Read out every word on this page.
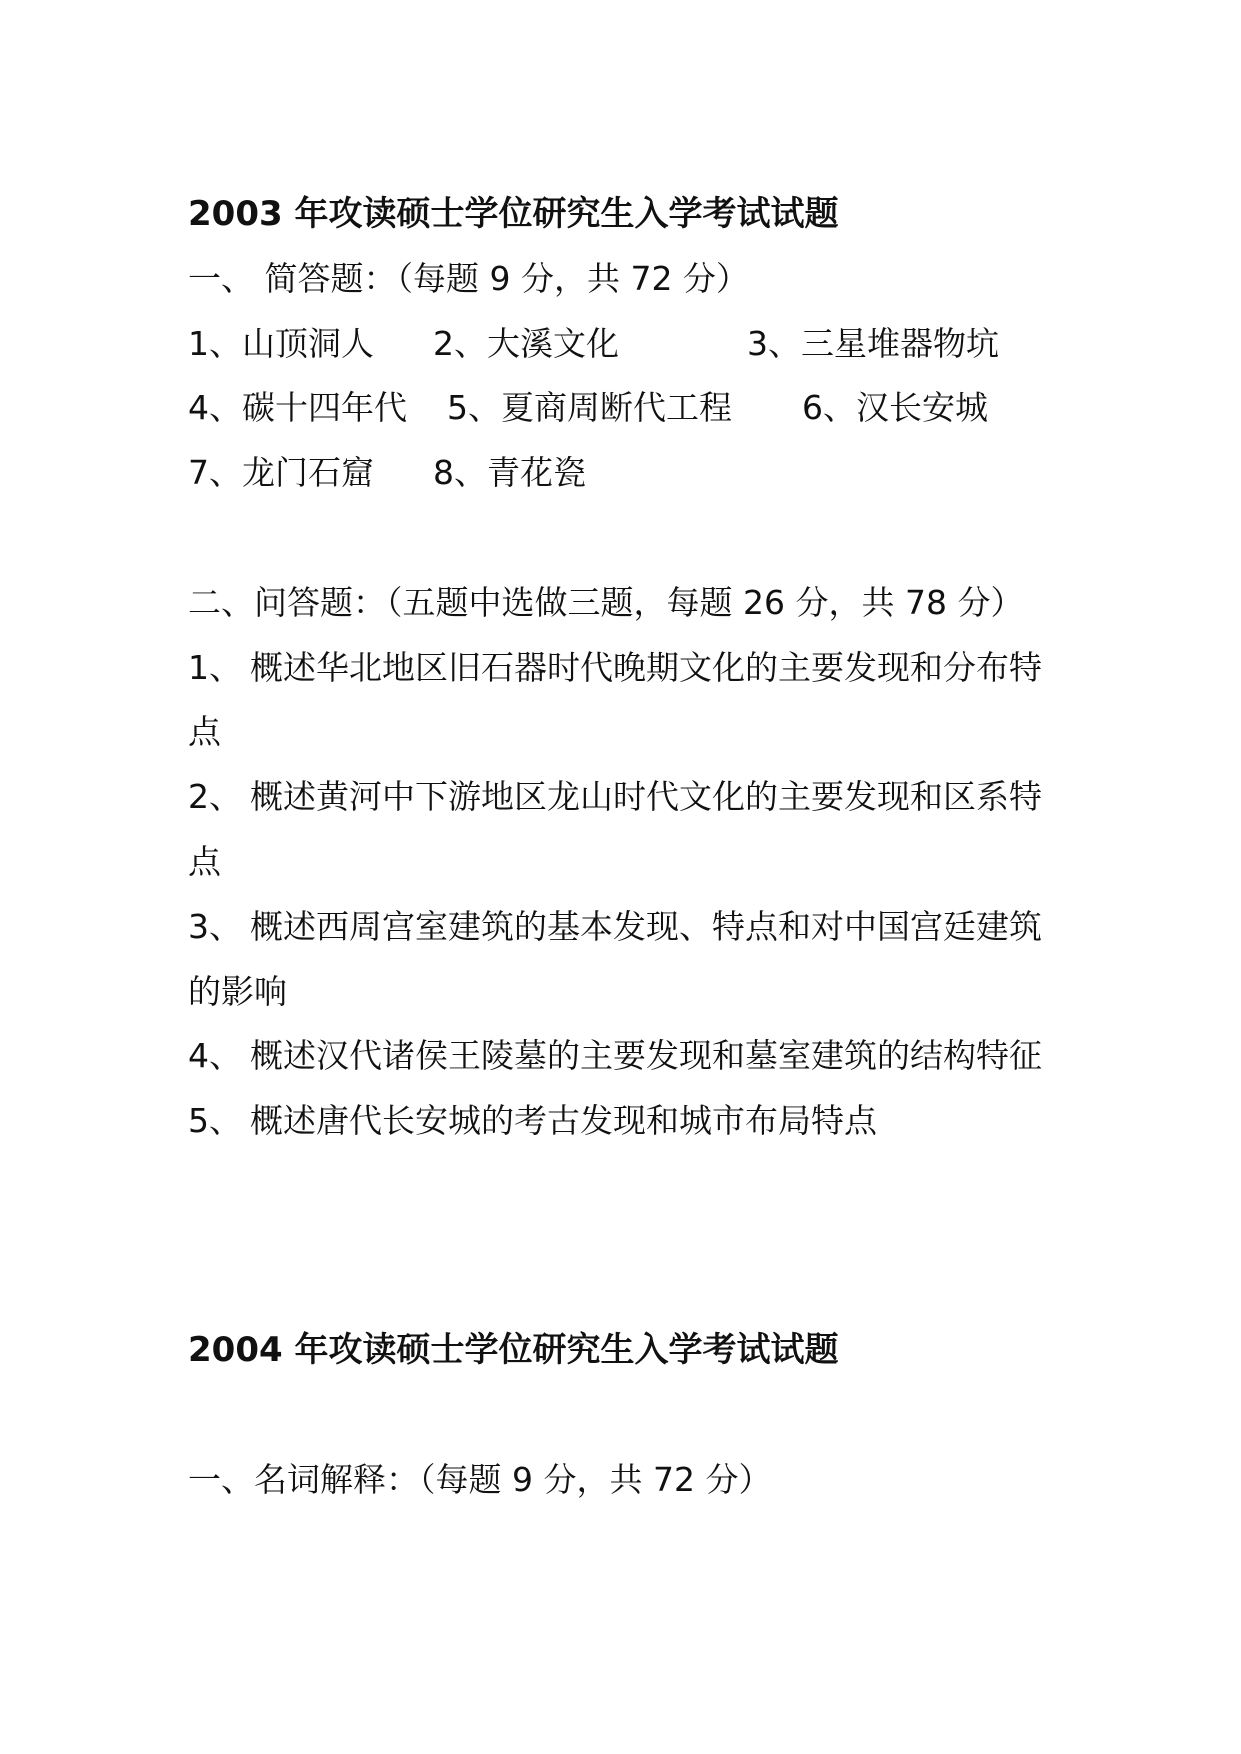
2003 年攻读硕士学位研究生入学考试试题

一、 简答题：（每题 9 分，共 72 分）

1、山顶洞人 2、大溪文化	3、三星堆器物坑
4、碳十四年代 5、夏商周断代工程 6、汉长安城
7、龙门石窟 8、青花瓷

二、问答题：（五题中选做三题，每题 26 分，共 78 分）

1、 概述华北地区旧石器时代晚期文化的主要发现和分布特点

2、 概述黄河中下游地区龙山时代文化的主要发现和区系特点

3、 概述西周宫室建筑的基本发现、特点和对中国宫廷建筑的影响

4、 概述汉代诸侯王陵墓的主要发现和墓室建筑的结构特征

5、 概述唐代长安城的考古发现和城市布局特点

2004 年攻读硕士学位研究生入学考试试题

一、名词解释：（每题 9 分，共 72 分）
